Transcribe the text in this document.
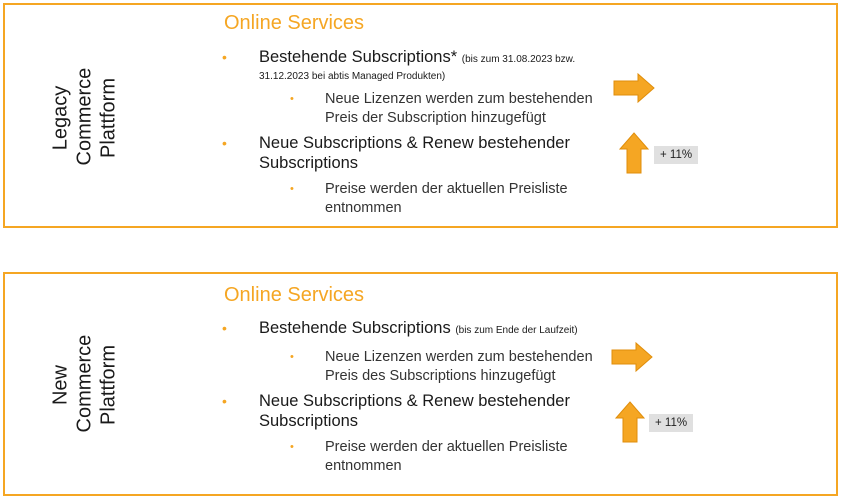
Legacy Commerce Plattform
Online Services
• Bestehende Subscriptions* (bis zum 31.08.2023 bzw.
31.12.2023 bei abtis Managed Produkten)
• Neue Lizenzen werden zum bestehenden
Preis der Subscription hinzugefügt
• Neue Subscriptions & Renew bestehender
Subscriptions
• Preise werden der aktuellen Preisliste
entnommen
+ 11%
New Commerce Plattform
Online Services
• Bestehende Subscriptions (bis zum Ende der Laufzeit)
• Neue Lizenzen werden zum bestehenden
Preis des Subscriptions hinzugefügt
• Neue Subscriptions & Renew bestehender
Subscriptions
• Preise werden der aktuellen Preisliste
entnommen
+ 11%
